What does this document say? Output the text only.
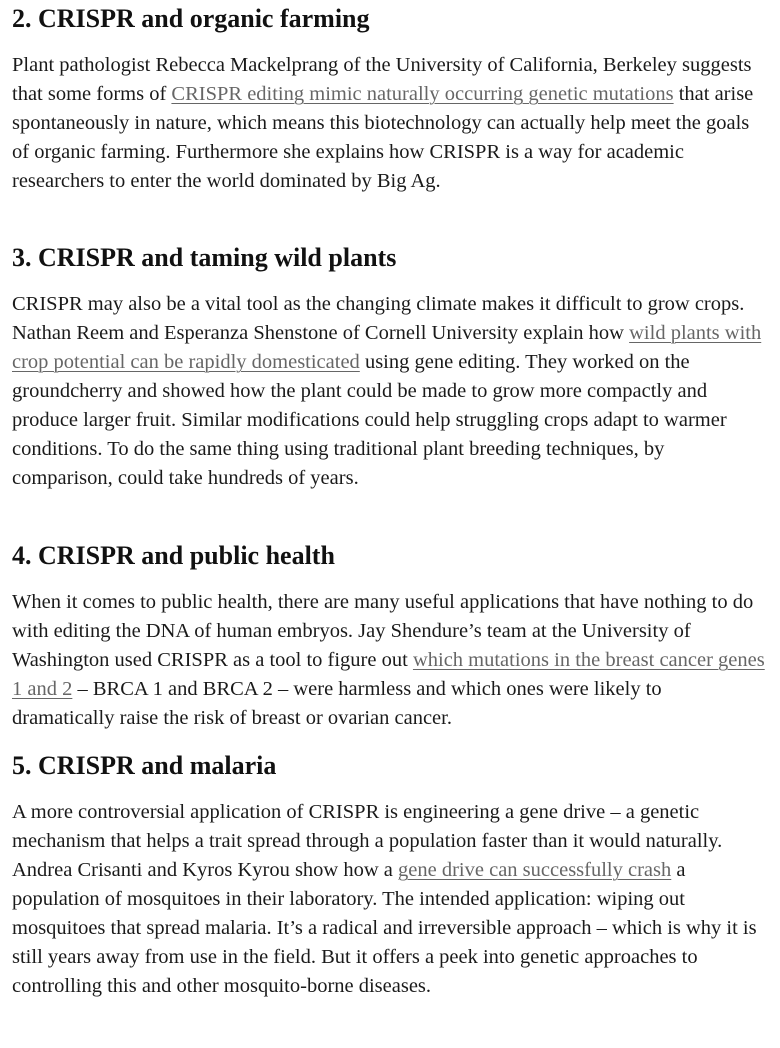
2. CRISPR and organic farming

Plant pathologist Rebecca Mackelprang of the University of California, Berkeley suggests that some forms of CRISPR editing mimic naturally occurring genetic mutations that arise spontaneously in nature, which means this biotechnology can actually help meet the goals of organic farming. Furthermore she explains how CRISPR is a way for academic researchers to enter the world dominated by Big Ag.

3. CRISPR and taming wild plants

CRISPR may also be a vital tool as the changing climate makes it difficult to grow crops. Nathan Reem and Esperanza Shenstone of Cornell University explain how wild plants with crop potential can be rapidly domesticated using gene editing. They worked on the groundcherry and showed how the plant could be made to grow more compactly and produce larger fruit. Similar modifications could help struggling crops adapt to warmer conditions. To do the same thing using traditional plant breeding techniques, by comparison, could take hundreds of years.

4. CRISPR and public health

When it comes to public health, there are many useful applications that have nothing to do with editing the DNA of human embryos. Jay Shendure’s team at the University of Washington used CRISPR as a tool to figure out which mutations in the breast cancer genes 1 and 2 – BRCA 1 and BRCA 2 – were harmless and which ones were likely to dramatically raise the risk of breast or ovarian cancer.

5. CRISPR and malaria

A more controversial application of CRISPR is engineering a gene drive – a genetic mechanism that helps a trait spread through a population faster than it would naturally. Andrea Crisanti and Kyros Kyrou show how a gene drive can successfully crash a population of mosquitoes in their laboratory. The intended application: wiping out mosquitoes that spread malaria. It’s a radical and irreversible approach – which is why it is still years away from use in the field. But it offers a peek into genetic approaches to controlling this and other mosquito-borne diseases.
